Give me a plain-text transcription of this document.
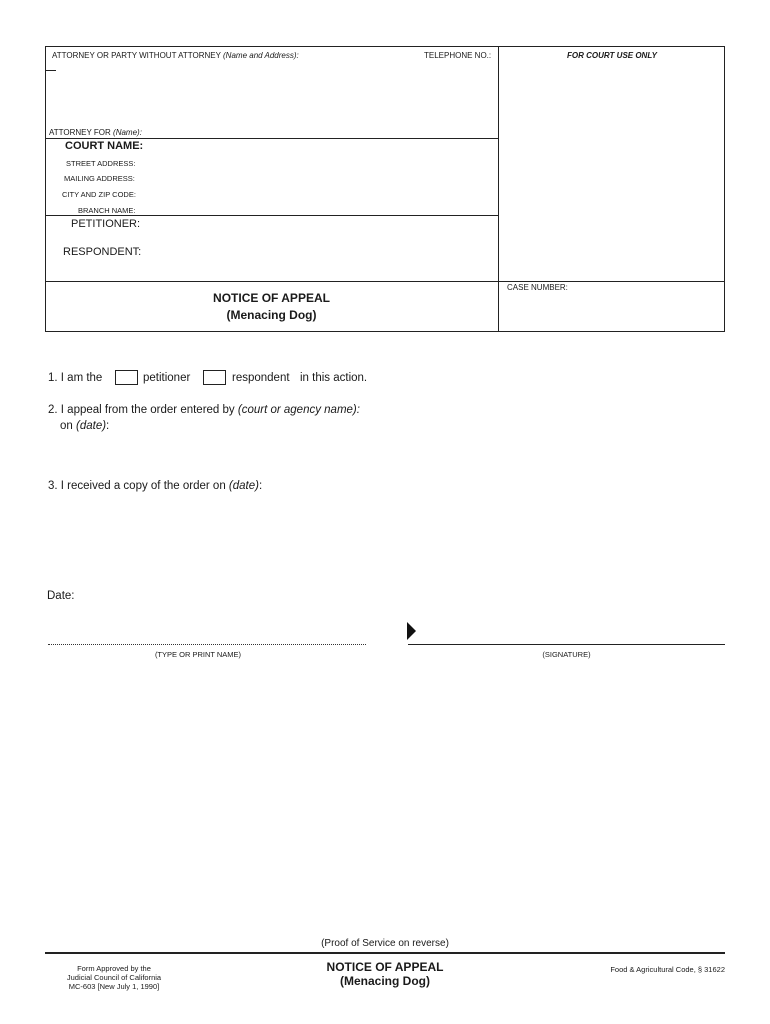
ATTORNEY OR PARTY WITHOUT ATTORNEY (Name and Address):	TELEPHONE NO.:	FOR COURT USE ONLY
ATTORNEY FOR (Name):
COURT NAME:
STREET ADDRESS:
MAILING ADDRESS:
CITY AND ZIP CODE:
BRANCH NAME:
PETITIONER:
RESPONDENT:
CASE NUMBER:
NOTICE OF APPEAL
(Menacing Dog)
1. I am the	petitioner	respondent in this action.
2. I appeal from the order entered by (court or agency name):
on (date):
3. I received a copy of the order on (date):
Date:
(TYPE OR PRINT NAME)	(SIGNATURE)
(Proof of Service on reverse)
Form Approved by the
Judicial Council of California
MC-603 [New July 1, 1990]
NOTICE OF APPEAL
(Menacing Dog)
Food & Agricultural Code, § 31622
